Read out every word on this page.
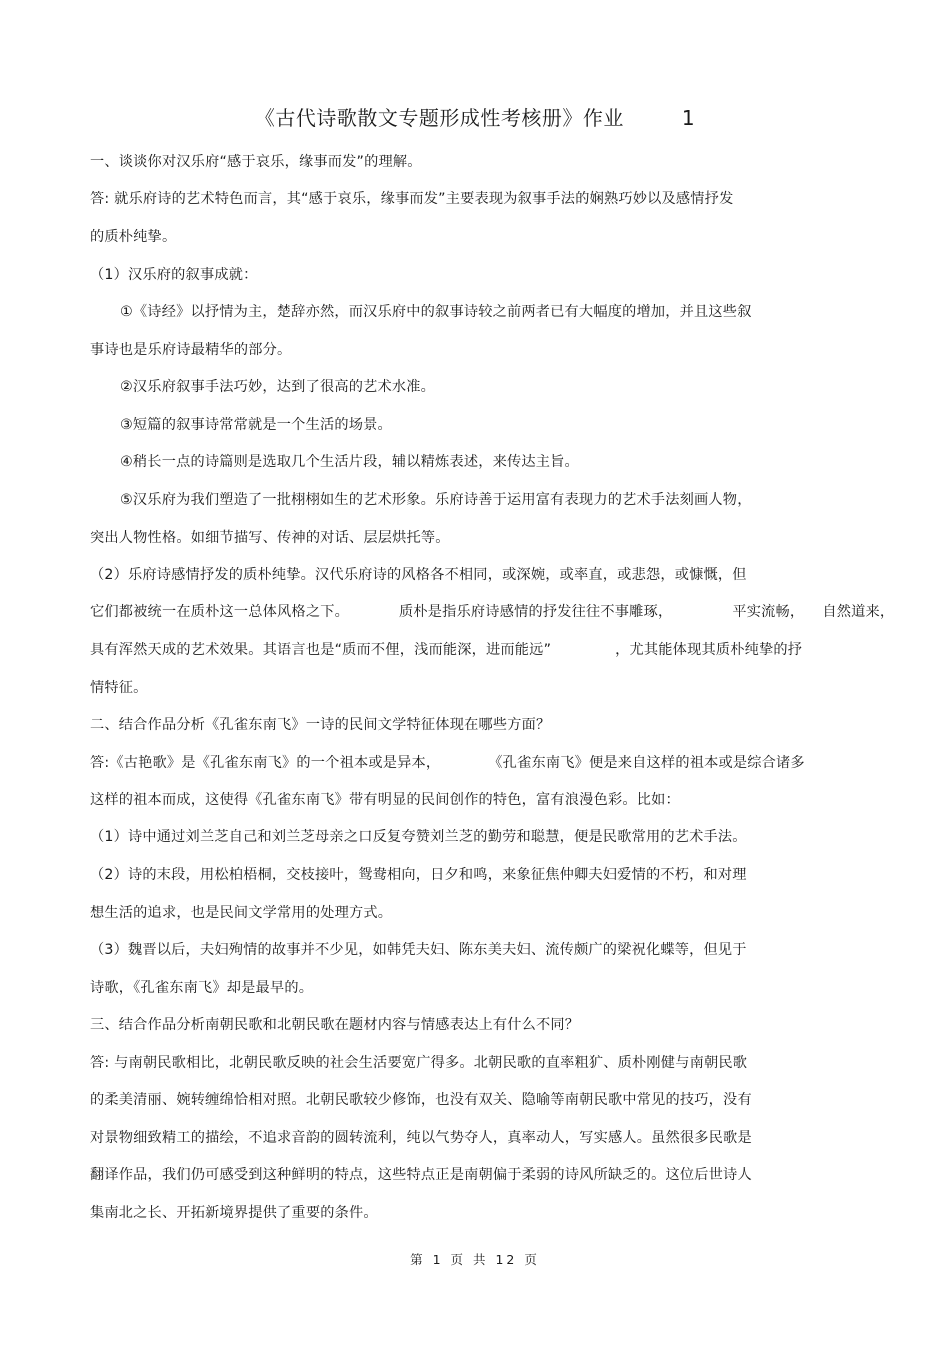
《古代诗歌散文专题形成性考核册》作业	1
一、谈谈你对汉乐府“感于哀乐，缘事而发”的理解。
答: 就乐府诗的艺术特色而言，其“感于哀乐，缘事而发”主要表现为叙事手法的娴熟巧妙以及感情抒发
的质朴纯挚。
（1）汉乐府的叙事成就：
①《诗经》以抒情为主，楚辞亦然，而汉乐府中的叙事诗较之前两者已有大幅度的增加，并且这些叙
事诗也是乐府诗最精华的部分。
②汉乐府叙事手法巧妙，达到了很高的艺术水准。
③短篇的叙事诗常常就是一个生活的场景。
④稍长一点的诗篇则是选取几个生活片段，辅以精炼表述，来传达主旨。
⑤汉乐府为我们塑造了一批栩栩如生的艺术形象。乐府诗善于运用富有表现力的艺术手法刻画人物，
突出人物性格。如细节描写、传神的对话、层层烘托等。
（2）乐府诗感情抒发的质朴纯挚。汉代乐府诗的风格各不相同，或深婉，或率直，或悲怨，或慷慨，但
它们都被统一在质朴这一总体风格之下。	质朴是指乐府诗感情的抒发往往不事雕琢，	平实流畅， 自然道来，
具有浑然天成的艺术效果。其语言也是“质而不俚，浅而能深，进而能远”	，尤其能体现其质朴纯挚的抒
情特征。
二、结合作品分析《孔雀东南飞》一诗的民间文学特征体现在哪些方面？
答:《古艳歌》是《孔雀东南飞》的一个祖本或是异本，	《孔雀东南飞》便是来自这样的祖本或是综合诸多
这样的祖本而成，这使得《孔雀东南飞》带有明显的民间创作的特色，富有浪漫色彩。比如：
（1）诗中通过刘兰芝自己和刘兰芝母亲之口反复夸赞刘兰芝的勤劳和聪慧，便是民歌常用的艺术手法。
（2）诗的末段，用松柏梧桐，交枝接叶，鸳鸯相向，日夕和鸣，来象征焦仲卿夫妇爱情的不朽，和对理
想生活的追求，也是民间文学常用的处理方式。
（3）魏晋以后，夫妇殉情的故事并不少见，如韩凭夫妇、陈东美夫妇、流传颇广的梁祝化蝶等，但见于
诗歌，《孔雀东南飞》却是最早的。
三、结合作品分析南朝民歌和北朝民歌在题材内容与情感表达上有什么不同？
答: 与南朝民歌相比，北朝民歌反映的社会生活要宽广得多。北朝民歌的直率粗犷、质朴刚健与南朝民歌
的柔美清丽、婉转缠绵恰相对照。北朝民歌较少修饰，也没有双关、隐喻等南朝民歌中常见的技巧，没有
对景物细致精工的描绘，不追求音韵的圆转流利，纯以气势夺人，真率动人，写实感人。虽然很多民歌是
翻译作品，我们仍可感受到这种鲜明的特点，这些特点正是南朝偏于柔弱的诗风所缺乏的。这位后世诗人
集南北之长、开拓新境界提供了重要的条件。
第 1 页 共 12 页
